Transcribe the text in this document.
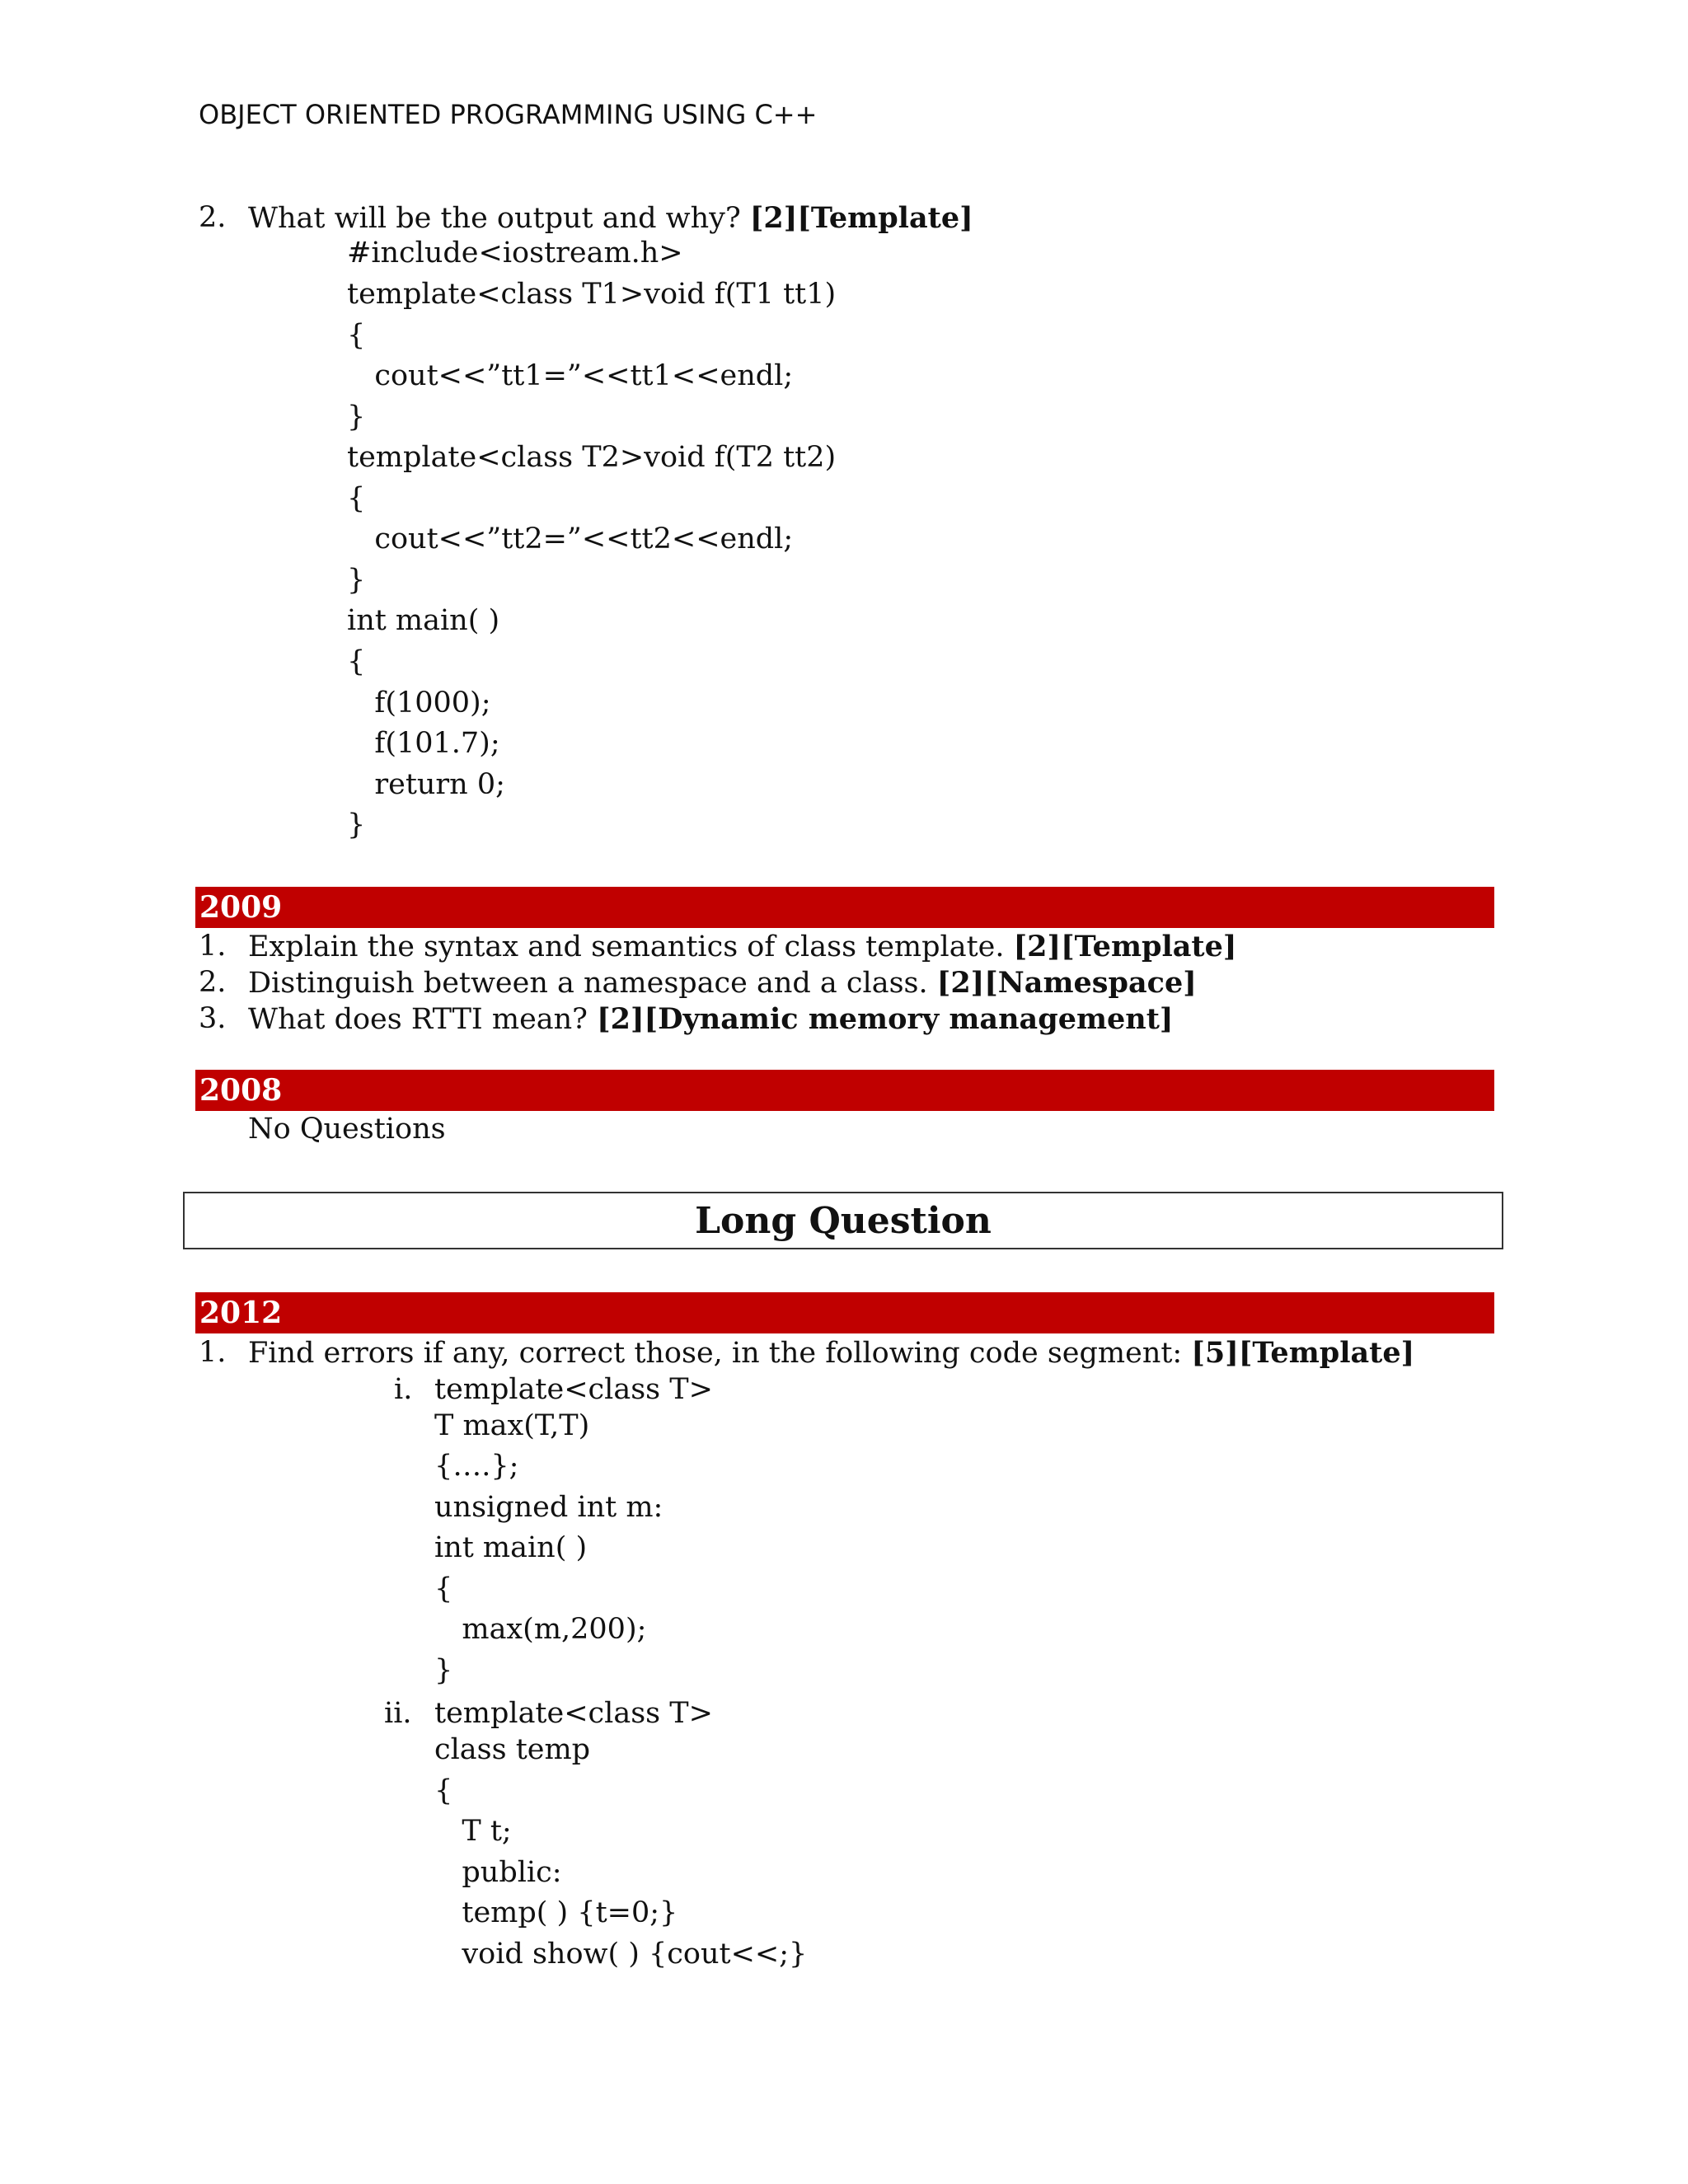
OBJECT ORIENTED PROGRAMMING USING C++
2. What will be the output and why? [2][Template]
#include<iostream.h>
template<class T1>void f(T1 tt1)
{
cout<<”tt1=”<<tt1<<endl;
}
template<class T2>void f(T2 tt2)
{
cout<<”tt2=”<<tt2<<endl;
}
int main( )
{
f(1000);
f(101.7);
return 0;
}
2009
1. Explain the syntax and semantics of class template. [2][Template]
2. Distinguish between a namespace and a class. [2][Namespace]
3. What does RTTI mean? [2][Dynamic memory management]
2008
No Questions
Long Question
2012
1. Find errors if any, correct those, in the following code segment: [5][Template]
i. template<class T>
T max(T,T)
{….};
unsigned int m:
int main( )
{
max(m,200);
}
ii. template<class T>
class temp
{
T t;
public:
temp( ) {t=0;}
void show( ) {cout<<;}
